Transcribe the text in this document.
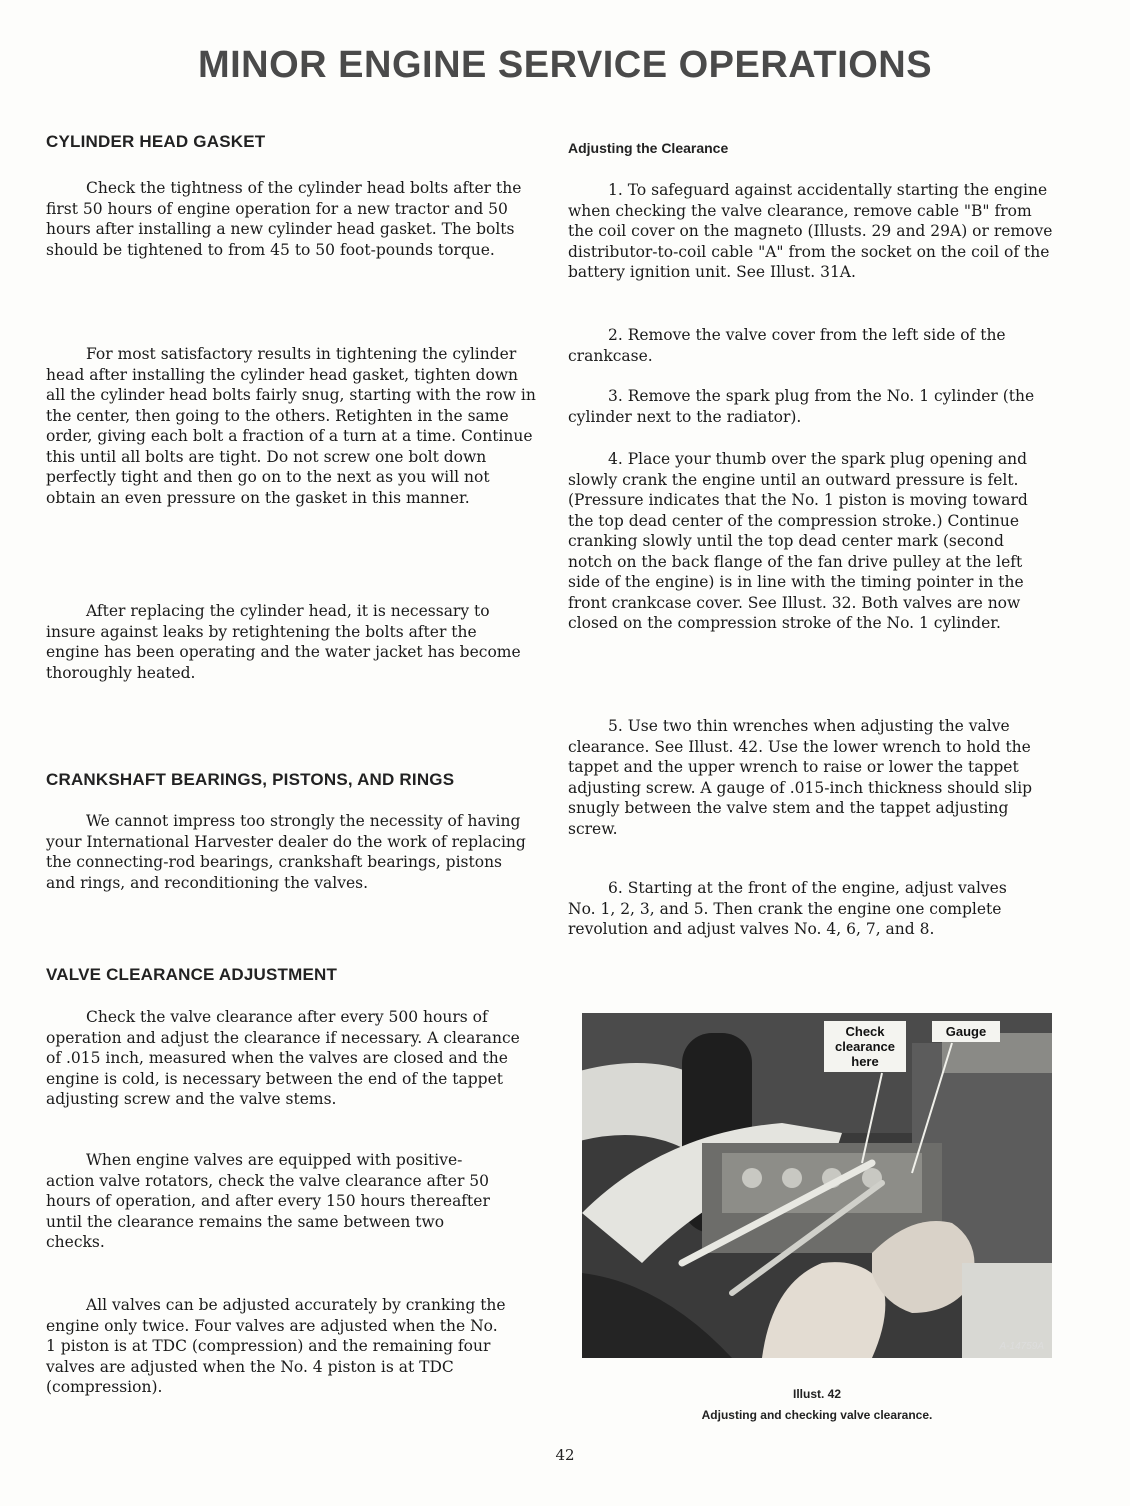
MINOR ENGINE SERVICE OPERATIONS
CYLINDER HEAD GASKET

Check the tightness of the cylinder head bolts after the first 50 hours of engine operation for a new tractor and 50 hours after installing a new cylinder head gasket. The bolts should be tightened to from 45 to 50 foot-pounds torque.

For most satisfactory results in tightening the cylinder head after installing the cylinder head gasket, tighten down all the cylinder head bolts fairly snug, starting with the row in the center, then going to the others. Retighten in the same order, giving each bolt a fraction of a turn at a time. Continue this until all bolts are tight. Do not screw one bolt down perfectly tight and then go on to the next as you will not obtain an even pressure on the gasket in this manner.

After replacing the cylinder head, it is necessary to insure against leaks by retightening the bolts after the engine has been operating and the water jacket has become thoroughly heated.

CRANKSHAFT BEARINGS, PISTONS, AND RINGS

We cannot impress too strongly the necessity of having your International Harvester dealer do the work of replacing the connecting-rod bearings, crankshaft bearings, pistons and rings, and reconditioning the valves.

VALVE CLEARANCE ADJUSTMENT

Check the valve clearance after every 500 hours of operation and adjust the clearance if necessary. A clearance of .015 inch, measured when the valves are closed and the engine is cold, is necessary between the end of the tappet adjusting screw and the valve stems.

When engine valves are equipped with positive-action valve rotators, check the valve clearance after 50 hours of operation, and after every 150 hours thereafter until the clearance remains the same between two checks.

All valves can be adjusted accurately by cranking the engine only twice. Four valves are adjusted when the No. 1 piston is at TDC (compression) and the remaining four valves are adjusted when the No. 4 piston is at TDC (compression).

Adjusting the Clearance

1. To safeguard against accidentally starting the engine when checking the valve clearance, remove cable "B" from the coil cover on the magneto (Illusts. 29 and 29A) or remove distributor-to-coil cable "A" from the socket on the coil of the battery ignition unit. See Illust. 31A.

2. Remove the valve cover from the left side of the crankcase.

3. Remove the spark plug from the No. 1 cylinder (the cylinder next to the radiator).

4. Place your thumb over the spark plug opening and slowly crank the engine until an outward pressure is felt. (Pressure indicates that the No. 1 piston is moving toward the top dead center of the compression stroke.) Continue cranking slowly until the top dead center mark (second notch on the back flange of the fan drive pulley at the left side of the engine) is in line with the timing pointer in the front crankcase cover. See Illust. 32. Both valves are now closed on the compression stroke of the No. 1 cylinder.

5. Use two thin wrenches when adjusting the valve clearance. See Illust. 42. Use the lower wrench to hold the tappet and the upper wrench to raise or lower the tappet adjusting screw. A gauge of .015-inch thickness should slip snugly between the valve stem and the tappet adjusting screw.

6. Starting at the front of the engine, adjust valves No. 1, 2, 3, and 5. Then crank the engine one complete revolution and adjust valves No. 4, 6, 7, and 8.

Check clearance here
Gauge
A-14759A
Illust. 42
Adjusting and checking valve clearance.
42
